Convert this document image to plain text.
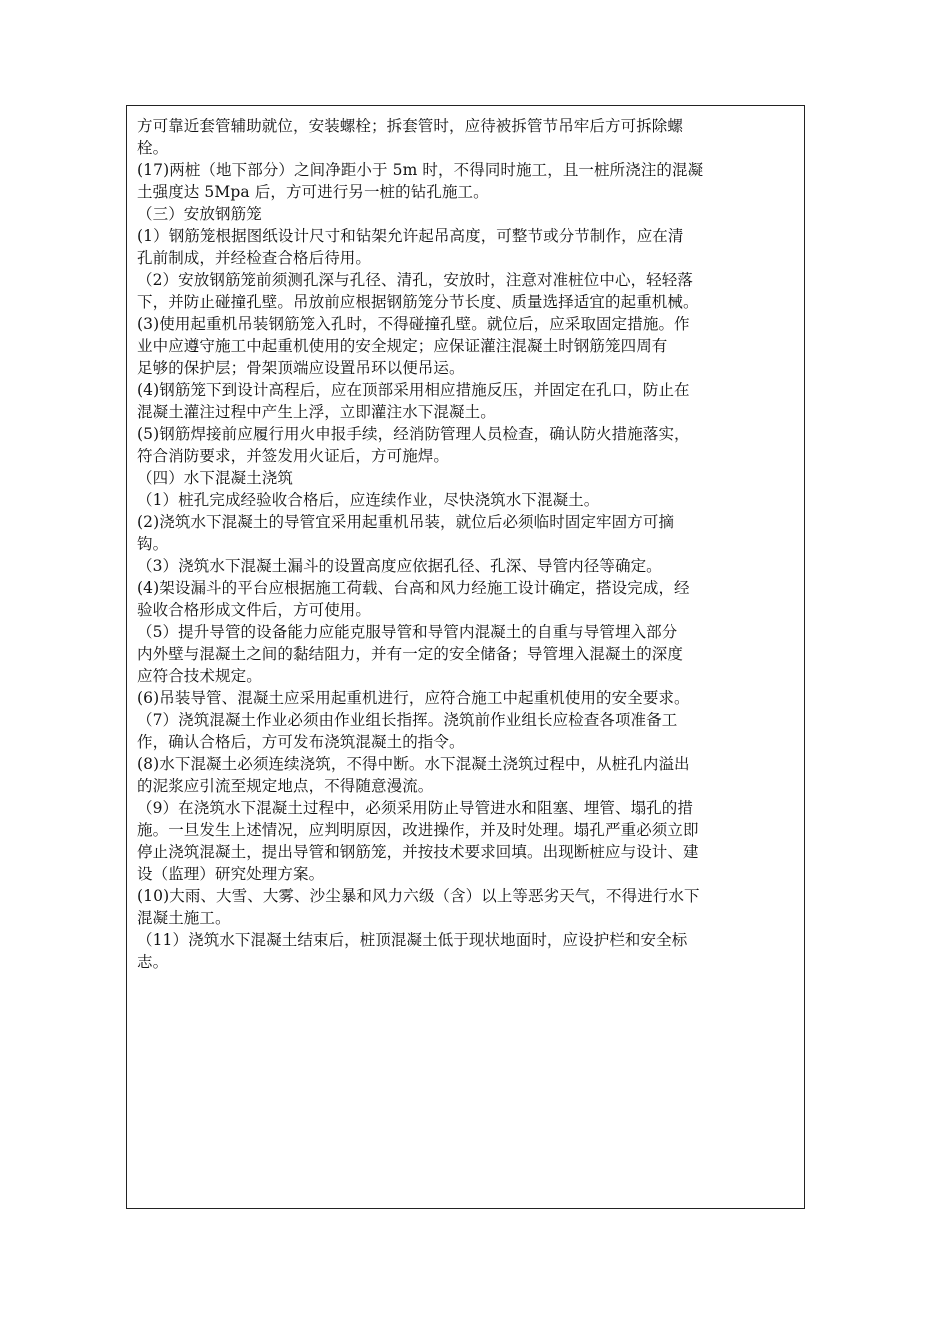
方可靠近套管辅助就位，安装螺栓；拆套管时，应待被拆管节吊牢后方可拆除螺
栓。
(17)两桩（地下部分）之间净距小于 5m 时，不得同时施工，且一桩所浇注的混凝
土强度达 5Mpa 后，方可进行另一桩的钻孔施工。
（三）安放钢筋笼
(1）钢筋笼根据图纸设计尺寸和钻架允许起吊高度，可整节或分节制作，应在清
孔前制成，并经检查合格后待用。
（2）安放钢筋笼前须测孔深与孔径、清孔，安放时，注意对准桩位中心，轻轻落
下，并防止碰撞孔壁。吊放前应根据钢筋笼分节长度、质量选择适宜的起重机械。
(3)使用起重机吊装钢筋笼入孔时，不得碰撞孔壁。就位后，应采取固定措施。作
业中应遵守施工中起重机使用的安全规定；应保证灌注混凝土时钢筋笼四周有
足够的保护层；骨架顶端应设置吊环以便吊运。
(4)钢筋笼下到设计高程后，应在顶部采用相应措施反压，并固定在孔口，防止在
混凝土灌注过程中产生上浮，立即灌注水下混凝土。
(5)钢筋焊接前应履行用火申报手续，经消防管理人员检查，确认防火措施落实，
符合消防要求，并签发用火证后，方可施焊。
（四）水下混凝土浇筑
（1）桩孔完成经验收合格后，应连续作业，尽快浇筑水下混凝土。
(2)浇筑水下混凝土的导管宜采用起重机吊装，就位后必须临时固定牢固方可摘
钩。
（3）浇筑水下混凝土漏斗的设置高度应依据孔径、孔深、导管内径等确定。
(4)架设漏斗的平台应根据施工荷载、台高和风力经施工设计确定，搭设完成，经
验收合格形成文件后，方可使用。
（5）提升导管的设备能力应能克服导管和导管内混凝土的自重与导管埋入部分
内外壁与混凝土之间的黏结阻力，并有一定的安全储备；导管埋入混凝土的深度
应符合技术规定。
(6)吊装导管、混凝土应采用起重机进行，应符合施工中起重机使用的安全要求。
（7）浇筑混凝土作业必须由作业组长指挥。浇筑前作业组长应检查各项准备工
作，确认合格后，方可发布浇筑混凝土的指令。
(8)水下混凝土必须连续浇筑，不得中断。水下混凝土浇筑过程中，从桩孔内溢出
的泥浆应引流至规定地点，不得随意漫流。
（9）在浇筑水下混凝土过程中，必须采用防止导管进水和阻塞、埋管、塌孔的措
施。一旦发生上述情况，应判明原因，改进操作，并及时处理。塌孔严重必须立即
停止浇筑混凝土，提出导管和钢筋笼，并按技术要求回填。出现断桩应与设计、建
设（监理）研究处理方案。
(10)大雨、大雪、大雾、沙尘暴和风力六级（含）以上等恶劣天气，不得进行水下
混凝土施工。
（11）浇筑水下混凝土结束后，桩顶混凝土低于现状地面时，应设护栏和安全标
志。
